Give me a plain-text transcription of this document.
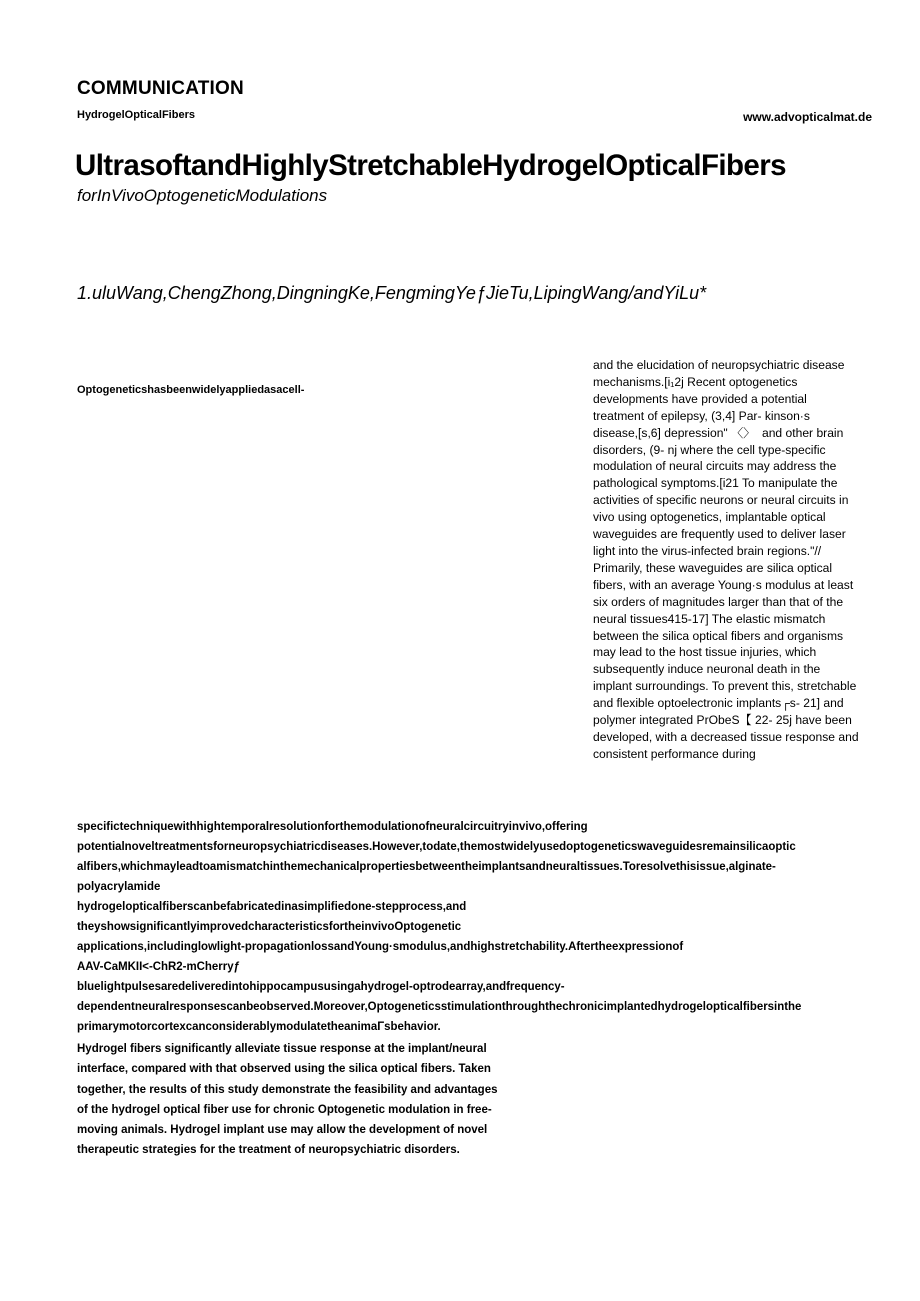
COMMUNICATION
HydrogelOpticalFibers	www.advopticalmat.de
UltrasoftandHighlyStretchableHydrogelOpticalFibers
forInVivoOptogeneticModulations
1.uluWang,ChengZhong,DingningKe,FengmingYeƒJieTu,LipingWang/andYiLu*
Optogeneticshasbeenwidelyappliedasacell-

and the elucidation of neuropsychiatric disease

mechanisms.[i₁2j Recent optogenetics

developments have provided a potential

treatment of epilepsy, (3,4] Par- kinson·s

disease,[s,6] depression" 〈〉  and other brain

disorders, (9- nj where the cell type-specific

modulation of neural circuits may address the

pathological symptoms.[i21 To manipulate the

activities of specific neurons or neural circuits in

vivo using optogenetics, implantable optical

waveguides are frequently used to deliver laser

light into the virus-infected brain regions."//

Primarily, these waveguides are silica optical

fibers, with an average Young·s modulus at least

six orders of magnitudes larger than that of the

neural tissues415-17] The elastic mismatch

between the silica optical fibers and organisms

may lead to the host tissue injuries, which

subsequently induce neuronal death in the

implant surroundings. To prevent this, stretchable

and flexible optoelectronic implants┌s- 21] and

polymer integrated PrObeS【 22- 25j have been

developed, with a decreased tissue response and

consistent performance during

specifictechniquewithhightemporalresolutionforthemodulationofneuralcircuitryinvivo,offering
potentialnoveltreatmentsforneuropsychiatricdiseases.However,todate,themostwidelyusedoptogeneticswaveguidesremainsilicaoptic
alfibers,whichmayleadtoamismatchinthemechanicalpropertiesbetweentheimplantsandneuraltissues.Toresolvethisissue,alginate-
polyacrylamide
hydrogelopticalfiberscanbefabricatedinasimplifiedone-stepprocess,and
theyshowsignificantlyimprovedcharacteristicsfortheinvivoOptogenetic
applications,includinglowlight-propagationlossandYoung·smodulus,andhighstretchability.Aftertheexpressionof
AAV-CaMKII<-ChR2-mCherryƒ
bluelightpulsesaredeliveredintohippocampususingahydrogel-optrodearray,andfrequency-
dependentneuralresponsescanbeobserved.Moreover,Optogeneticsstimulationthroughthechronicimplantedhydrogelopticalfibersinthe
primarymotorcortexcanconsiderablymodulatetheanimaΓsbehavior.
Hydrogel fibers significantly alleviate tissue response at the implant/neural
interface, compared with that observed using the silica optical fibers. Taken
together, the results of this study demonstrate the feasibility and advantages
of the hydrogel optical fiber use for chronic Optogenetic modulation in free-
moving animals. Hydrogel implant use may allow the development of novel
therapeutic strategies for the treatment of neuropsychiatric disorders.
